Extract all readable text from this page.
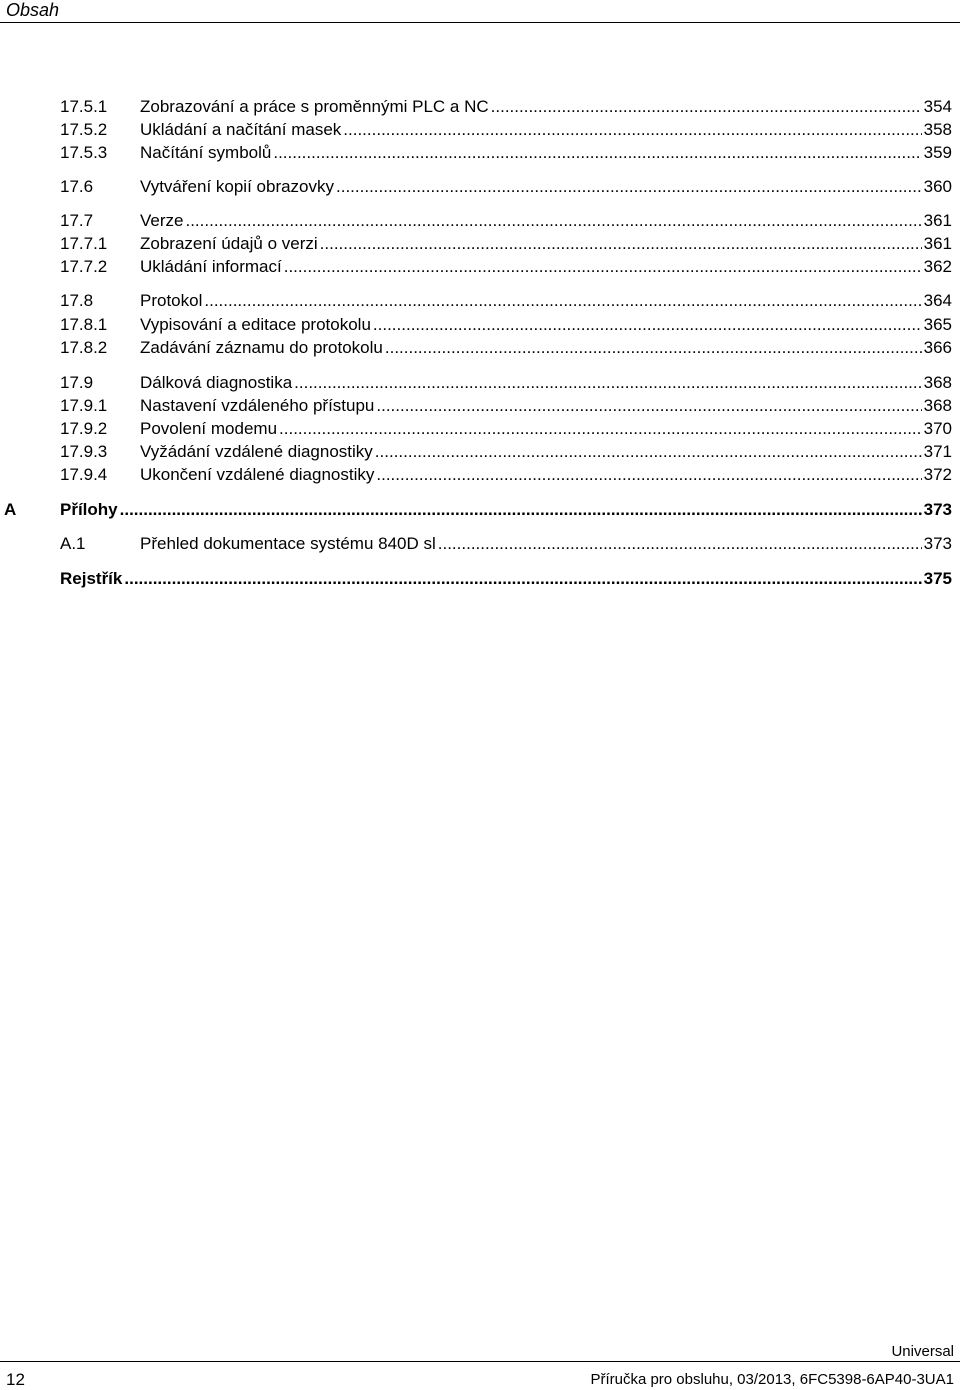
Obsah
17.5.1 Zobrazování a práce s proměnnými PLC a NC .....	354
17.5.2 Ukládání a načítání masek .....	358
17.5.3 Načítání symbolů .....	359
17.6	Vytváření kopií obrazovky .....	360
17.7	Verze .....	361
17.7.1 Zobrazení údajů o verzi .....	361
17.7.2 Ukládání informací .....	362
17.8	Protokol .....	364
17.8.1 Vypisování a editace protokolu .....	365
17.8.2 Zadávání záznamu do protokolu .....	366
17.9	Dálková diagnostika .....	368
17.9.1 Nastavení vzdáleného přístupu .....	368
17.9.2 Povolení modemu .....	370
17.9.3 Vyžádání vzdálené diagnostiky .....	371
17.9.4 Ukončení vzdálené diagnostiky .....	372
A	Přílohy .....	373
A.1	Přehled dokumentace systému 840D sl .....	373
Rejstřík .....	375
Universal
12	Příručka pro obsluhu, 03/2013, 6FC5398-6AP40-3UA1
